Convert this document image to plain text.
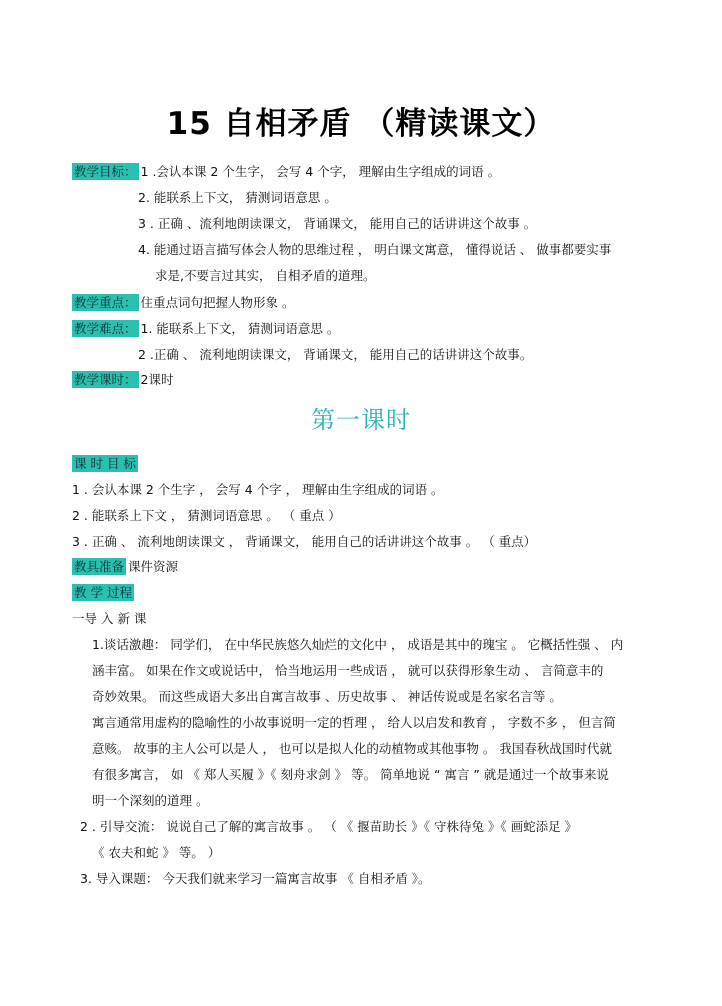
15 自相矛盾 （精读课文）
教学目标： 1 .会认本课 2 个生字， 会写 4 个字， 理解由生字组成的词语 。
2. 能联系上下文， 猜测词语意思 。
3 . 正确 、流利地朗读课文， 背诵课文， 能用自己的话讲讲这个故事 。
4. 能通过语言描写体会人物的思维过程 ， 明白课文寓意， 懂得说话 、 做事都要实事
求是,不要言过其实， 自相矛盾的道理。
教学重点： 住重点词句把握人物形象 。
教学难点： 1. 能联系上下文， 猜测词语意思 。
2 .正确 、 流利地朗读课文， 背诵课文， 能用自己的话讲讲这个故事。
教学课时： 2课时
第一课时
课 时 目 标
1 . 会认本课 2 个生字 ， 会写 4 个字 ， 理解由生字组成的词语 。
2 . 能联系上下文 ， 猜测词语意思 。 （ 重点 ）
3 . 正确 、 流利地朗读课文 ， 背诵课文， 能用自己的话讲讲这个故事 。 （ 重点）
教具准备 课件资源
教 学 过程
一导 入 新 课
1.谈话激趣： 同学们， 在中华民族悠久灿烂的文化中 ， 成语是其中的瑰宝 。 它概括性强 、 内
涵丰富。 如果在作文或说话中， 恰当地运用一些成语 ， 就可以获得形象生动 、 言简意丰的
奇妙效果。 而这些成语大多出自寓言故事 、历史故事 、 神话传说或是名家名言等 。
寓言通常用虚构的隐喻性的小故事说明一定的哲理 ， 给人以启发和教育 ， 字数不多 ， 但言简
意赅。 故事的主人公可以是人 ， 也可以是拟人化的动植物或其他事物 。 我国春秋战国时代就
有很多寓言， 如 《 郑人买履 》《 刻舟求剑 》 等。 简单地说 “ 寓言 ” 就是通过一个故事来说
明一个深刻的道理 。
2 . 引导交流： 说说自己了解的寓言故事 。 （ 《 揠苗助长 》《 守株待兔 》《 画蛇添足 》
《 农夫和蛇 》 等。 ）
3. 导入课题： 今天我们就来学习一篇寓言故事 《 自相矛盾 》。
